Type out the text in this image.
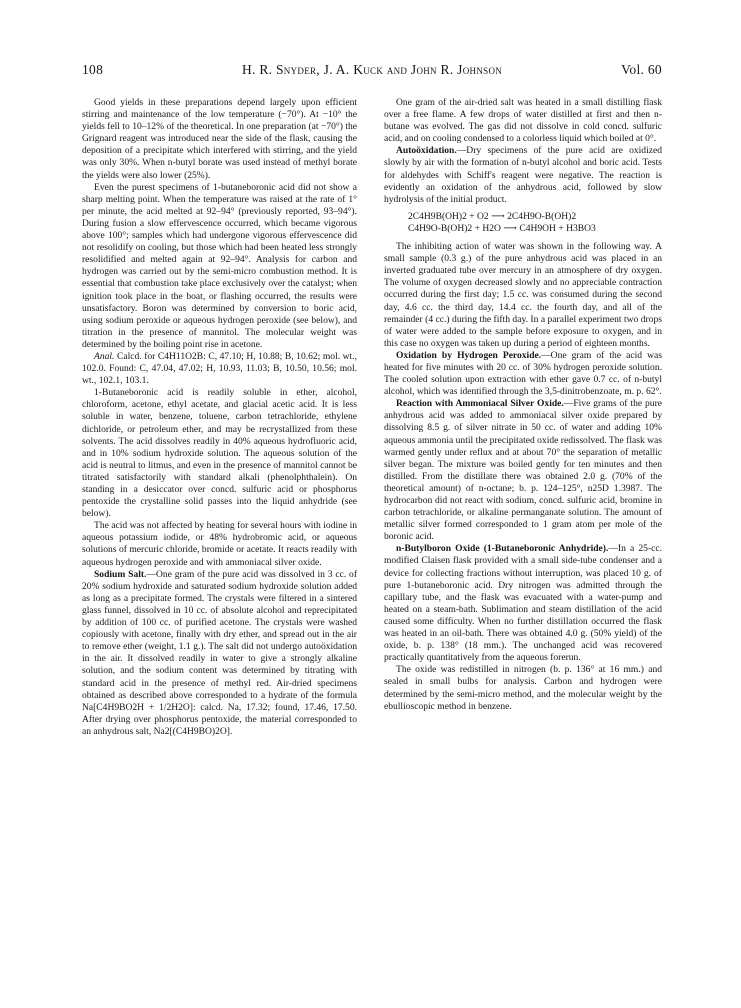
108	H. R. Snyder, J. A. Kuck and John R. Johnson	Vol. 60

Good yields in these preparations depend largely upon efficient stirring and maintenance of the low temperature (−70°). At −10° the yields fell to 10–12% of the theoretical. In one preparation (at −70°) the Grignard reagent was introduced near the side of the flask, causing the deposition of a precipitate which interfered with stirring, and the yield was only 30%. When n-butyl borate was used instead of methyl borate the yields were also lower (25%).

Even the purest specimens of 1-butaneboronic acid did not show a sharp melting point. When the temperature was raised at the rate of 1° per minute, the acid melted at 92–94° (previously reported, 93–94°). During fusion a slow effervescence occurred, which became vigorous above 100°; samples which had undergone vigorous effervescence did not resolidify on cooling, but those which had been heated less strongly resolidified and melted again at 92–94°. Analysis for carbon and hydrogen was carried out by the semi-micro combustion method. It is essential that combustion take place exclusively over the catalyst; when ignition took place in the boat, or flashing occurred, the results were unsatisfactory. Boron was determined by conversion to boric acid, using sodium peroxide or aqueous hydrogen peroxide (see below), and titration in the presence of mannitol. The molecular weight was determined by the boiling point rise in acetone.

Anal. Calcd. for C4H11O2B: C, 47.10; H, 10.88; B, 10.62; mol. wt., 102.0. Found: C, 47.04, 47.02; H, 10.93, 11.03; B, 10.50, 10.56; mol. wt., 102.1, 103.1.

1-Butaneboronic acid is readily soluble in ether, alcohol, chloroform, acetone, ethyl acetate, and glacial acetic acid. It is less soluble in water, benzene, toluene, carbon tetrachloride, ethylene dichloride, or petroleum ether, and may be recrystallized from these solvents. The acid dissolves readily in 40% aqueous hydrofluoric acid, and in 10% sodium hydroxide solution. The aqueous solution of the acid is neutral to litmus, and even in the presence of mannitol cannot be titrated satisfactorily with standard alkali (phenolphthalein). On standing in a desiccator over concd. sulfuric acid or phosphorus pentoxide the crystalline solid passes into the liquid anhydride (see below).

The acid was not affected by heating for several hours with iodine in aqueous potassium iodide, or 48% hydrobromic acid, or aqueous solutions of mercuric chloride, bromide or acetate. It reacts readily with aqueous hydrogen peroxide and with ammoniacal silver oxide.

Sodium Salt.—One gram of the pure acid was dissolved in 3 cc. of 20% sodium hydroxide and saturated sodium hydroxide solution added as long as a precipitate formed. The crystals were filtered in a sintered glass funnel, dissolved in 10 cc. of absolute alcohol and reprecipitated by addition of 100 cc. of purified acetone. The crystals were washed copiously with acetone, finally with dry ether, and spread out in the air to remove ether (weight, 1.1 g.). The salt did not undergo autoöxidation in the air. It dissolved readily in water to give a strongly alkaline solution, and the sodium content was determined by titrating with standard acid in the presence of methyl red. Air-dried specimens obtained as described above corresponded to a hydrate of the formula Na[C4H9BO2H + 1/2H2O]: calcd. Na, 17.32; found, 17.46, 17.50. After drying over phosphorus pentoxide, the material corresponded to an anhydrous salt, Na2[(C4H9BO)2O].

One gram of the air-dried salt was heated in a small distilling flask over a free flame. A few drops of water distilled at first and then n-butane was evolved. The gas did not dissolve in cold concd. sulfuric acid, and on cooling condensed to a colorless liquid which boiled at 0°.

Autoöxidation.—Dry specimens of the pure acid are oxidized slowly by air with the formation of n-butyl alcohol and boric acid. Tests for aldehydes with Schiff's reagent were negative. The reaction is evidently an oxidation of the anhydrous acid, followed by slow hydrolysis of the initial product.

2C4H9B(OH)2 + O2 ⟶ 2C4H9O-B(OH)2
C4H9O-B(OH)2 + H2O ⟶ C4H9OH + H3BO3

The inhibiting action of water was shown in the following way. A small sample (0.3 g.) of the pure anhydrous acid was placed in an inverted graduated tube over mercury in an atmosphere of dry oxygen. The volume of oxygen decreased slowly and no appreciable contraction occurred during the first day; 1.5 cc. was consumed during the second day, 4.6 cc. the third day, 14.4 cc. the fourth day, and all of the remainder (4 cc.) during the fifth day. In a parallel experiment two drops of water were added to the sample before exposure to oxygen, and in this case no oxygen was taken up during a period of eighteen months.

Oxidation by Hydrogen Peroxide.—One gram of the acid was heated for five minutes with 20 cc. of 30% hydrogen peroxide solution. The cooled solution upon extraction with ether gave 0.7 cc. of n-butyl alcohol, which was identified through the 3,5-dinitrobenzoate, m. p. 62°.

Reaction with Ammoniacal Silver Oxide.—Five grams of the pure anhydrous acid was added to ammoniacal silver oxide prepared by dissolving 8.5 g. of silver nitrate in 50 cc. of water and adding 10% aqueous ammonia until the precipitated oxide redissolved. The flask was warmed gently under reflux and at about 70° the separation of metallic silver began. The mixture was boiled gently for ten minutes and then distilled. From the distillate there was obtained 2.0 g. (70% of the theoretical amount) of n-octane; b. p. 124–125°, n25D 1.3987. The hydrocarbon did not react with sodium, concd. sulfuric acid, bromine in carbon tetrachloride, or alkaline permanganate solution. The amount of metallic silver formed corresponded to 1 gram atom per mole of the boronic acid.

n-Butylboron Oxide (1-Butaneboronic Anhydride).—In a 25-cc. modified Claisen flask provided with a small side-tube condenser and a device for collecting fractions without interruption, was placed 10 g. of pure 1-butaneboronic acid. Dry nitrogen was admitted through the capillary tube, and the flask was evacuated with a water-pump and heated on a steam-bath. Sublimation and steam distillation of the acid caused some difficulty. When no further distillation occurred the flask was heated in an oil-bath. There was obtained 4.0 g. (50% yield) of the oxide, b. p. 138° (18 mm.). The unchanged acid was recovered practically quantitatively from the aqueous forerun.

The oxide was redistilled in nitrogen (b. p. 136° at 16 mm.) and sealed in small bulbs for analysis. Carbon and hydrogen were determined by the semi-micro method, and the molecular weight by the ebullioscopic method in benzene.
